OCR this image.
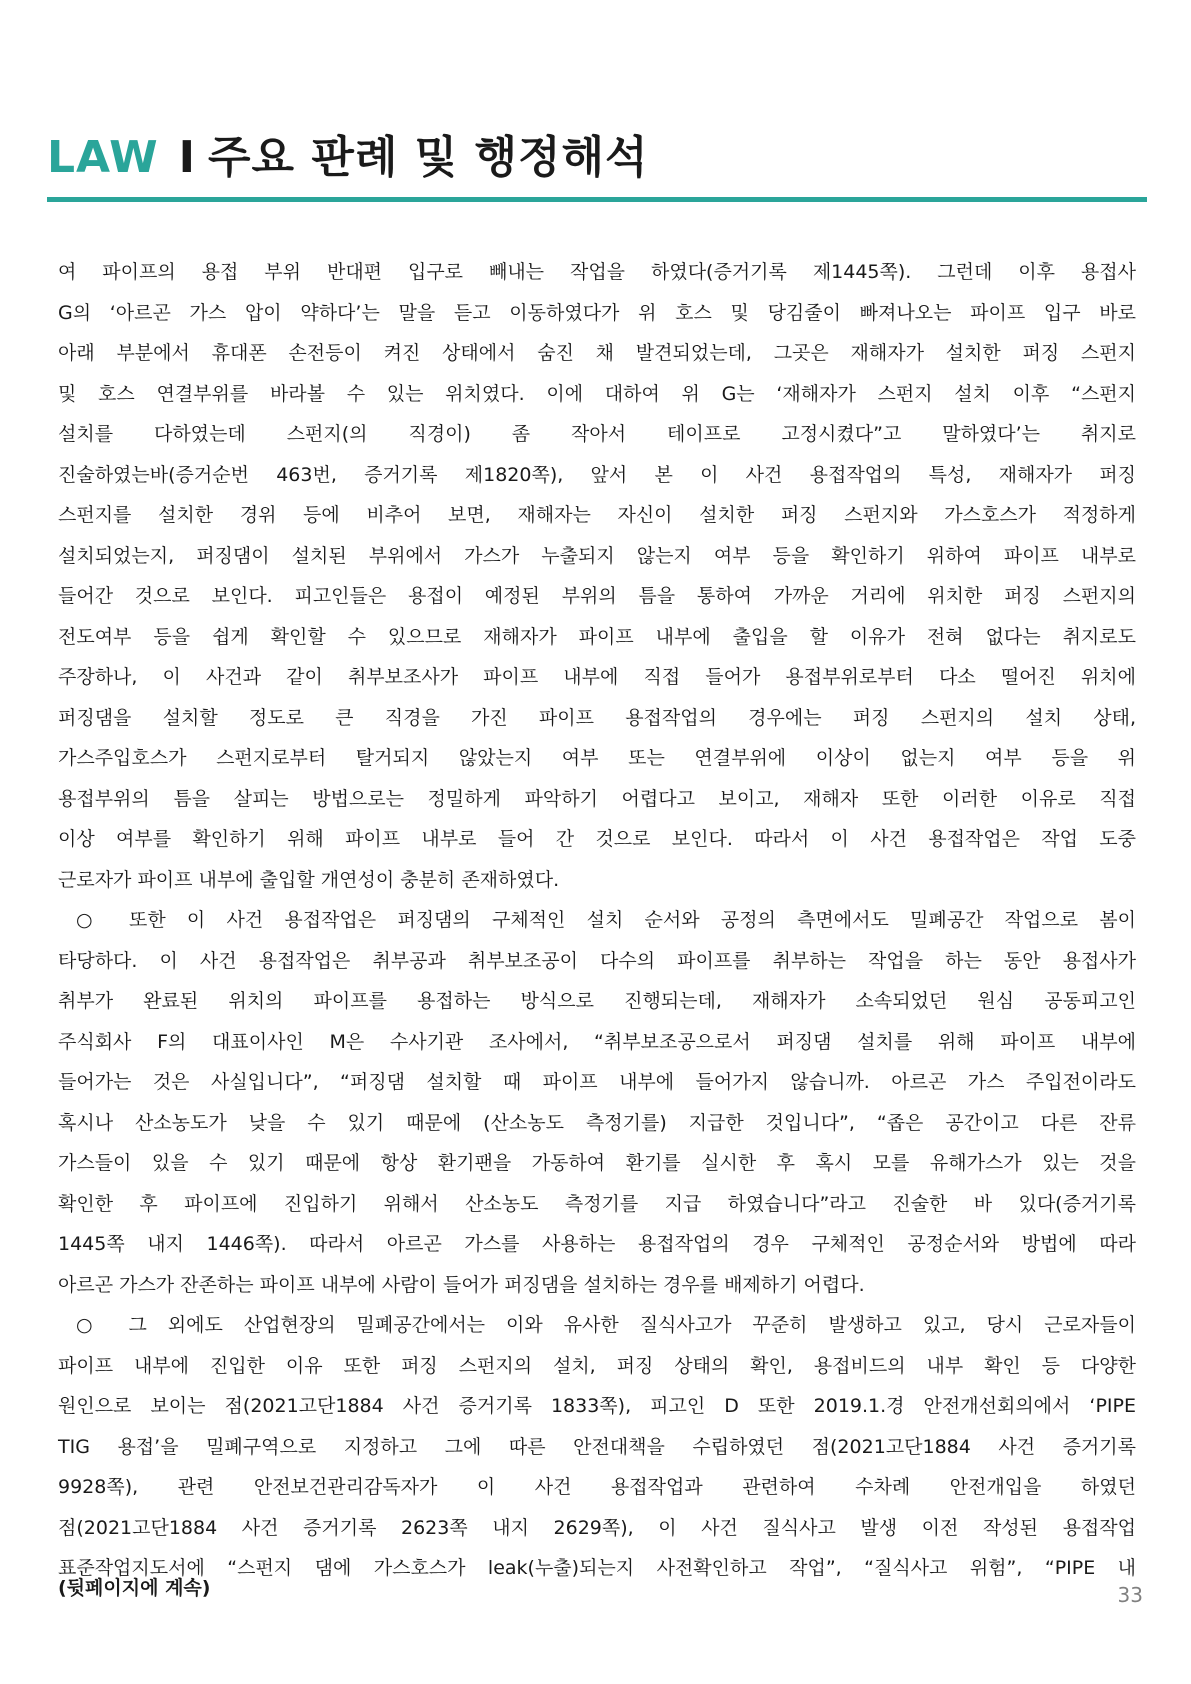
LAW I 주요 판례 및 행정해석
여 파이프의 용접 부위 반대편 입구로 빼내는 작업을 하였다(증거기록 제1445쪽). 그런데 이후 용접사
G의 ‘아르곤 가스 압이 약하다’는 말을 듣고 이동하였다가 위 호스 및 당김줄이 빠져나오는 파이프 입구 바로
아래 부분에서 휴대폰 손전등이 켜진 상태에서 숨진 채 발견되었는데, 그곳은 재해자가 설치한 퍼징 스펀지
및 호스 연결부위를 바라볼 수 있는 위치였다. 이에 대하여 위 G는 ‘재해자가 스펀지 설치 이후 “스펀지
설치를 다하였는데 스펀지(의 직경이) 좀 작아서 테이프로 고정시켰다”고 말하였다’는 취지로
진술하였는바(증거순번 463번, 증거기록 제1820쪽), 앞서 본 이 사건 용접작업의 특성, 재해자가 퍼징
스펀지를 설치한 경위 등에 비추어 보면, 재해자는 자신이 설치한 퍼징 스펀지와 가스호스가 적정하게
설치되었는지, 퍼징댐이 설치된 부위에서 가스가 누출되지 않는지 여부 등을 확인하기 위하여 파이프 내부로
들어간 것으로 보인다. 피고인들은 용접이 예정된 부위의 틈을 통하여 가까운 거리에 위치한 퍼징 스펀지의
전도여부 등을 쉽게 확인할 수 있으므로 재해자가 파이프 내부에 출입을 할 이유가 전혀 없다는 취지로도
주장하나, 이 사건과 같이 취부보조사가 파이프 내부에 직접 들어가 용접부위로부터 다소 떨어진 위치에
퍼징댐을 설치할 정도로 큰 직경을 가진 파이프 용접작업의 경우에는 퍼징 스펀지의 설치 상태,
가스주입호스가 스펀지로부터 탈거되지 않았는지 여부 또는 연결부위에 이상이 없는지 여부 등을 위
용접부위의 틈을 살피는 방법으로는 정밀하게 파악하기 어렵다고 보이고, 재해자 또한 이러한 이유로 직접
이상 여부를 확인하기 위해 파이프 내부로 들어 간 것으로 보인다. 따라서 이 사건 용접작업은 작업 도중
근로자가 파이프 내부에 출입할 개연성이 충분히 존재하였다.
○ 또한 이 사건 용접작업은 퍼징댐의 구체적인 설치 순서와 공정의 측면에서도 밀폐공간 작업으로 봄이
타당하다. 이 사건 용접작업은 취부공과 취부보조공이 다수의 파이프를 취부하는 작업을 하는 동안 용접사가
취부가 완료된 위치의 파이프를 용접하는 방식으로 진행되는데, 재해자가 소속되었던 원심 공동피고인
주식회사 F의 대표이사인 M은 수사기관 조사에서, “취부보조공으로서 퍼징댐 설치를 위해 파이프 내부에
들어가는 것은 사실입니다”, “퍼징댐 설치할 때 파이프 내부에 들어가지 않습니까. 아르곤 가스 주입전이라도
혹시나 산소농도가 낮을 수 있기 때문에 (산소농도 측정기를) 지급한 것입니다”, “좁은 공간이고 다른 잔류
가스들이 있을 수 있기 때문에 항상 환기팬을 가동하여 환기를 실시한 후 혹시 모를 유해가스가 있는 것을
확인한 후 파이프에 진입하기 위해서 산소농도 측정기를 지급 하였습니다”라고 진술한 바 있다(증거기록
1445쪽 내지 1446쪽). 따라서 아르곤 가스를 사용하는 용접작업의 경우 구체적인 공정순서와 방법에 따라
아르곤 가스가 잔존하는 파이프 내부에 사람이 들어가 퍼징댐을 설치하는 경우를 배제하기 어렵다.
○ 그 외에도 산업현장의 밀폐공간에서는 이와 유사한 질식사고가 꾸준히 발생하고 있고, 당시 근로자들이
파이프 내부에 진입한 이유 또한 퍼징 스펀지의 설치, 퍼징 상태의 확인, 용접비드의 내부 확인 등 다양한
원인으로 보이는 점(2021고단1884 사건 증거기록 1833쪽), 피고인 D 또한 2019.1.경 안전개선회의에서 ‘PIPE
TIG 용접’을 밀폐구역으로 지정하고 그에 따른 안전대책을 수립하였던 점(2021고단1884 사건 증거기록
9928쪽), 관련 안전보건관리감독자가 이 사건 용접작업과 관련하여 수차례 안전개입을 하였던
점(2021고단1884 사건 증거기록 2623쪽 내지 2629쪽), 이 사건 질식사고 발생 이전 작성된 용접작업
표준작업지도서에 “스펀지 댐에 가스호스가 leak(누출)되는지 사전확인하고 작업”, “질식사고 위험”, “PIPE 내
(뒷페이지에 계속)	33
